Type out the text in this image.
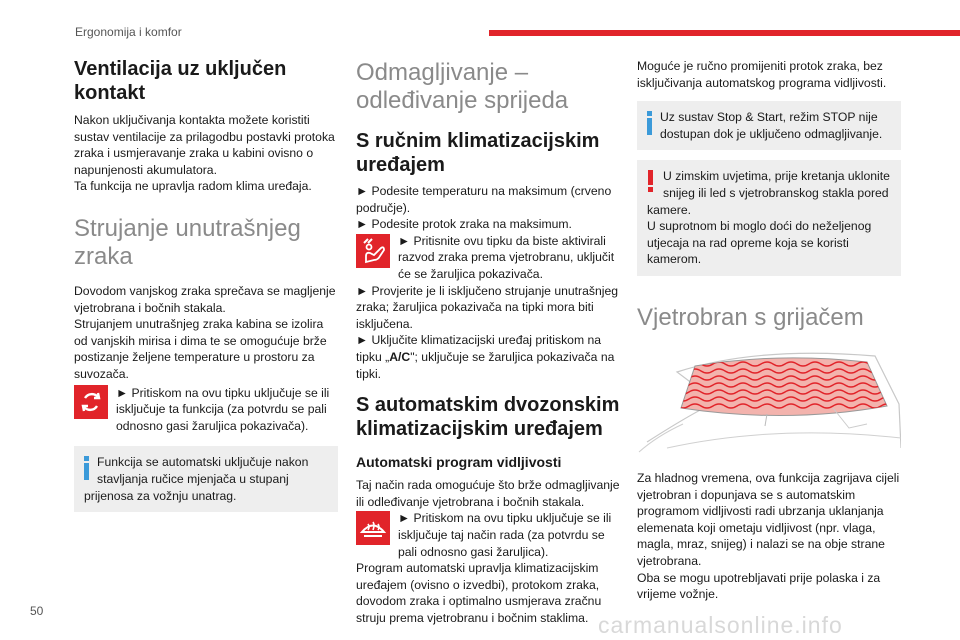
Ergonomija i komfor
50
carmanualsonline.info
Ventilacija uz uključen kontakt

Nakon uključivanja kontakta možete koristiti sustav ventilacije za prilagodbu postavki protoka zraka i usmjeravanje zraka u kabini ovisno o napunjenosti akumulatora.

Ta funkcija ne upravlja radom klima uređaja.

Strujanje unutrašnjeg zraka

Dovodom vanjskog zraka sprečava se magljenje vjetrobrana i bočnih stakala.

Strujanjem unutrašnjeg zraka kabina se izolira od vanjskih mirisa i dima te se omogućuje brže postizanje željene temperature u prostoru za suvozača.

► Pritiskom na ovu tipku uključuje se ili isključuje ta funkcija (za potvrdu se pali odnosno gasi žaruljica pokazivača).

Funkcija se automatski uključuje nakon stavljanja ručice mjenjača u stupanj prijenosa za vožnju unatrag.

Odmagljivanje – odleđivanje sprijeda
S ručnim klimatizacijskim uređajem

► Podesite temperaturu na maksimum (crveno područje).

► Podesite protok zraka na maksimum.

► Pritisnite ovu tipku da biste aktivirali razvod zraka prema vjetrobranu, uključit će se žaruljica pokazivača.

► Provjerite je li isključeno strujanje unutrašnjeg zraka; žaruljica pokazivača na tipki mora biti isključena.

► Uključite klimatizacijski uređaj pritiskom na tipku „A/C"; uključuje se žaruljica pokazivača na tipki.

S automatskim dvozonskim klimatizacijskim uređajem
Automatski program vidljivosti

Taj način rada omogućuje što brže odmagljivanje ili odleđivanje vjetrobrana i bočnih stakala.

► Pritiskom na ovu tipku uključuje se ili isključuje taj način rada (za potvrdu se pali odnosno gasi žaruljica).

Program automatski upravlja klimatizacijskim uređajem (ovisno o izvedbi), protokom zraka, dovodom zraka i optimalno usmjerava zračnu struju prema vjetrobranu i bočnim staklima.

Moguće je ručno promijeniti protok zraka, bez isključivanja automatskog programa vidljivosti.

Uz sustav Stop & Start, režim STOP nije dostupan dok je uključeno odmagljivanje.

U zimskim uvjetima, prije kretanja uklonite snijeg ili led s vjetrobranskog stakla pored kamere.

U suprotnom bi moglo doći do neželjenog utjecaja na rad opreme koja se koristi kamerom.

Vjetrobran s grijačem

Za hladnog vremena, ova funkcija zagrijava cijeli vjetrobran i dopunjava se s automatskim programom vidljivosti radi ubrzanja uklanjanja elemenata koji ometaju vidljivost (npr. vlaga, magla, mraz, snijeg) i nalazi se na obje strane vjetrobrana.

Oba se mogu upotrebljavati prije polaska i za vrijeme vožnje.
